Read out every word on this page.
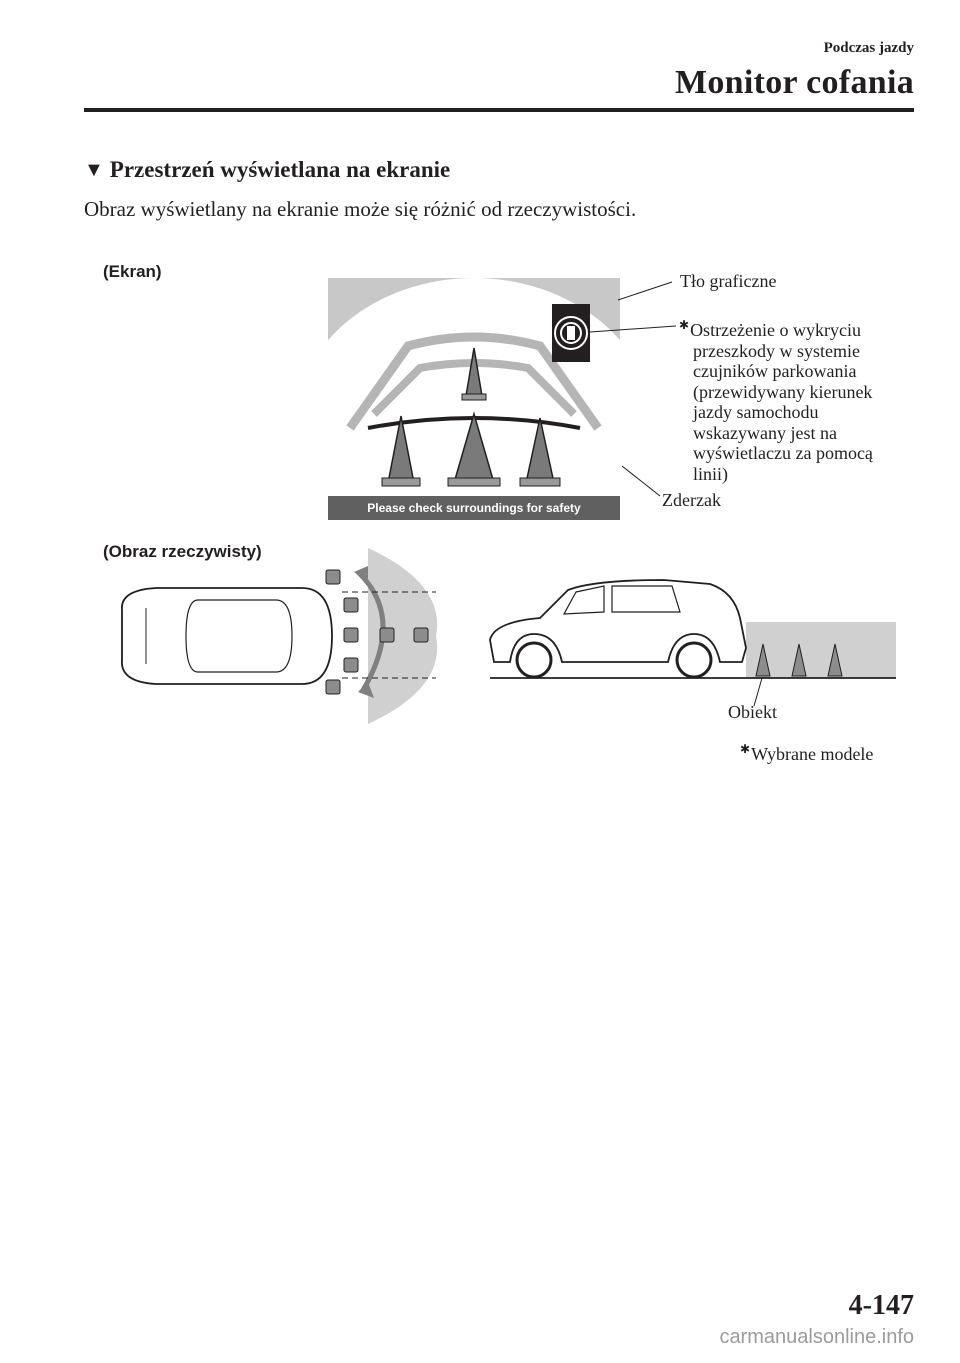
Podczas jazdy
Monitor cofania
▼ Przestrzeń wyświetlana na ekranie
Obraz wyświetlany na ekranie może się różnić od rzeczywistości.
(Ekran)
(Obraz rzeczywisty)
Please check surroundings for safety
Tło graficzne
✱Ostrzeżenie o wykryciu
przeszkody w systemie
czujników parkowania
(przewidywany kierunek
jazdy samochodu
wskazywany jest na
wyświetlaczu za pomocą
linii)
Zderzak
Obiekt
✱Wybrane modele
4-147
carmanualsonline.info
